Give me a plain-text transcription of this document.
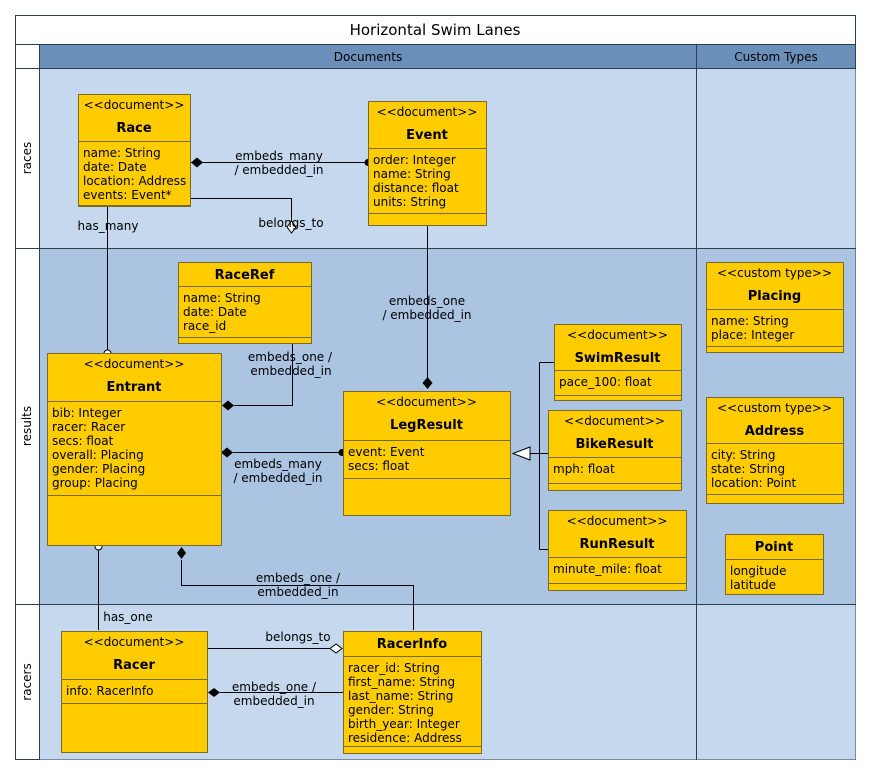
Horizontal Swim Lanes
Documents	Custom Types
races
results
racers
embeds_many
/ embedded_in
has_many	belongs_to
embeds_one
/ embedded_in
embeds_one /
embedded_in
embeds_many
/ embedded_in
embeds_one /
embedded_in
has_one
belongs_to
embeds_one /
embedded_in
<<document>>
Race
name: String
date: Date
location: Address
events: Event*
<<document>>
Event
order: Integer
name: String
distance: float
units: String
RaceRef
name: String
date: Date
race_id
<<document>>
Entrant
bib: Integer
racer: Racer
secs: float
overall: Placing
gender: Placing
group: Placing
<<document>>
LegResult
event: Event
secs: float
<<document>>
SwimResult
pace_100: float
<<document>>
BikeResult
mph: float
<<document>>
RunResult
minute_mile: float
<<custom type>>
Placing
name: String
place: Integer
<<custom type>>
Address
city: String
state: String
location: Point
Point
longitude
latitude
<<document>>
Racer
info: RacerInfo
RacerInfo
racer_id: String
first_name: String
last_name: String
gender: String
birth_year: Integer
residence: Address
